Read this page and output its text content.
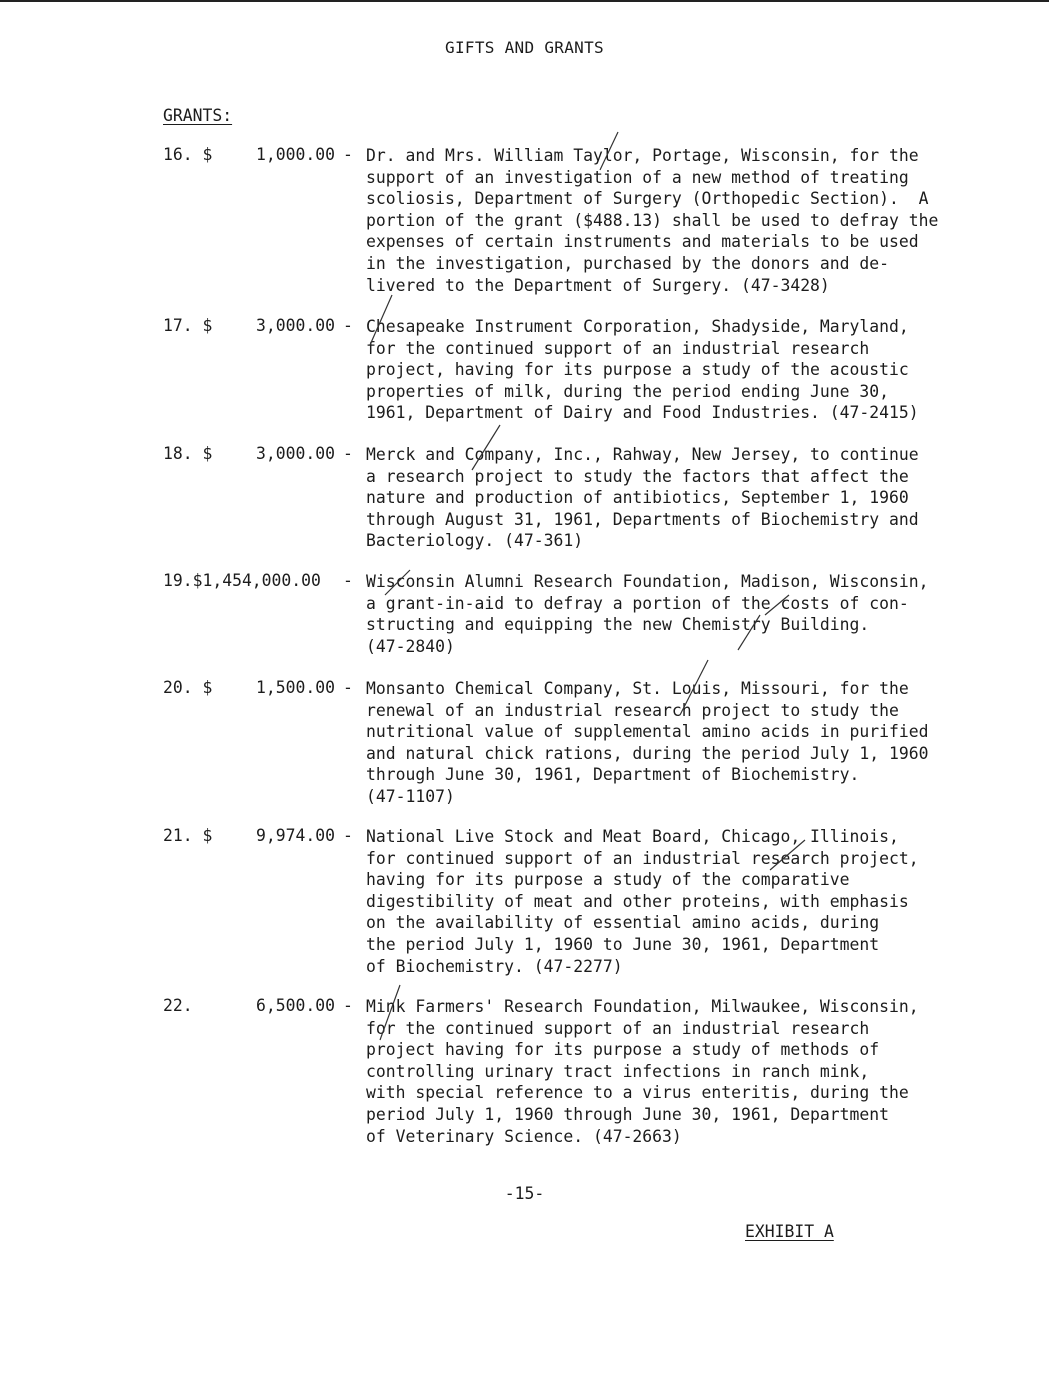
GIFTS AND GRANTS
GRANTS:
16. $	1,000.00 - Dr. and Mrs. William Taylor, Portage, Wisconsin, for the
support of an investigation of a new method of treating
scoliosis, Department of Surgery (Orthopedic Section).  A
portion of the grant ($488.13) shall be used to defray the
expenses of certain instruments and materials to be used
in the investigation, purchased by the donors and de-
livered to the Department of Surgery. (47-3428)
17. $	3,000.00 - Chesapeake Instrument Corporation, Shadyside, Maryland,
for the continued support of an industrial research
project, having for its purpose a study of the acoustic
properties of milk, during the period ending June 30,
1961, Department of Dairy and Food Industries. (47-2415)
18. $	3,000.00 - Merck and Company, Inc., Rahway, New Jersey, to continue
a research project to study the factors that affect the
nature and production of antibiotics, September 1, 1960
through August 31, 1961, Departments of Biochemistry and
Bacteriology. (47-361)
19.$1,454,000.00 - Wisconsin Alumni Research Foundation, Madison, Wisconsin,
a grant-in-aid to defray a portion of the costs of con-
structing and equipping the new Chemistry Building.
(47-2840)
20. $	1,500.00 - Monsanto Chemical Company, St. Louis, Missouri, for the
renewal of an industrial research project to study the
nutritional value of supplemental amino acids in purified
and natural chick rations, during the period July 1, 1960
through June 30, 1961, Department of Biochemistry.
(47-1107)
21. $	9,974.00 - National Live Stock and Meat Board, Chicago, Illinois,
for continued support of an industrial research project,
having for its purpose a study of the comparative
digestibility of meat and other proteins, with emphasis
on the availability of essential amino acids, during
the period July 1, 1960 to June 30, 1961, Department
of Biochemistry. (47-2277)
22.	6,500.00 - Mink Farmers' Research Foundation, Milwaukee, Wisconsin,
for the continued support of an industrial research
project having for its purpose a study of methods of
controlling urinary tract infections in ranch mink,
with special reference to a virus enteritis, during the
period July 1, 1960 through June 30, 1961, Department
of Veterinary Science. (47-2663)
-15-
EXHIBIT A
